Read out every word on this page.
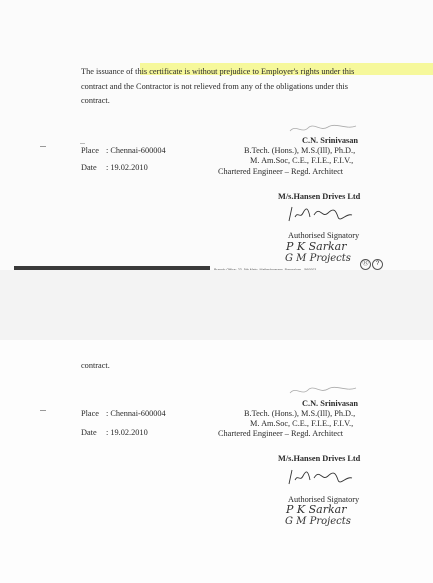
The issuance of this certificate is without prejudice to Employer's rights under this
contract and the Contractor is not relieved from any of the obligations under this
contract.
Place : Chennai-600004
Date : 19.02.2010
C.N. Srinivasan
B.Tech. (Hons.), M.S.(Ill), Ph.D.,
M. Am.Soc, C.E., F.I.E., F.I.V.,
Chartered Engineer – Regd. Architect
M/s.Hansen Drives Ltd
Authorised Signatory
P K Sarkar
G M Projects	Ⓡ	?
contract.
Place : Chennai-600004
Date : 19.02.2010
C.N. Srinivasan
B.Tech. (Hons.), M.S.(Ill), Ph.D.,
M. Am.Soc, C.E., F.I.E., F.I.V.,
Chartered Engineer – Regd. Architect
M/s.Hansen Drives Ltd
Authorised Signatory
P K Sarkar
G M Projects
